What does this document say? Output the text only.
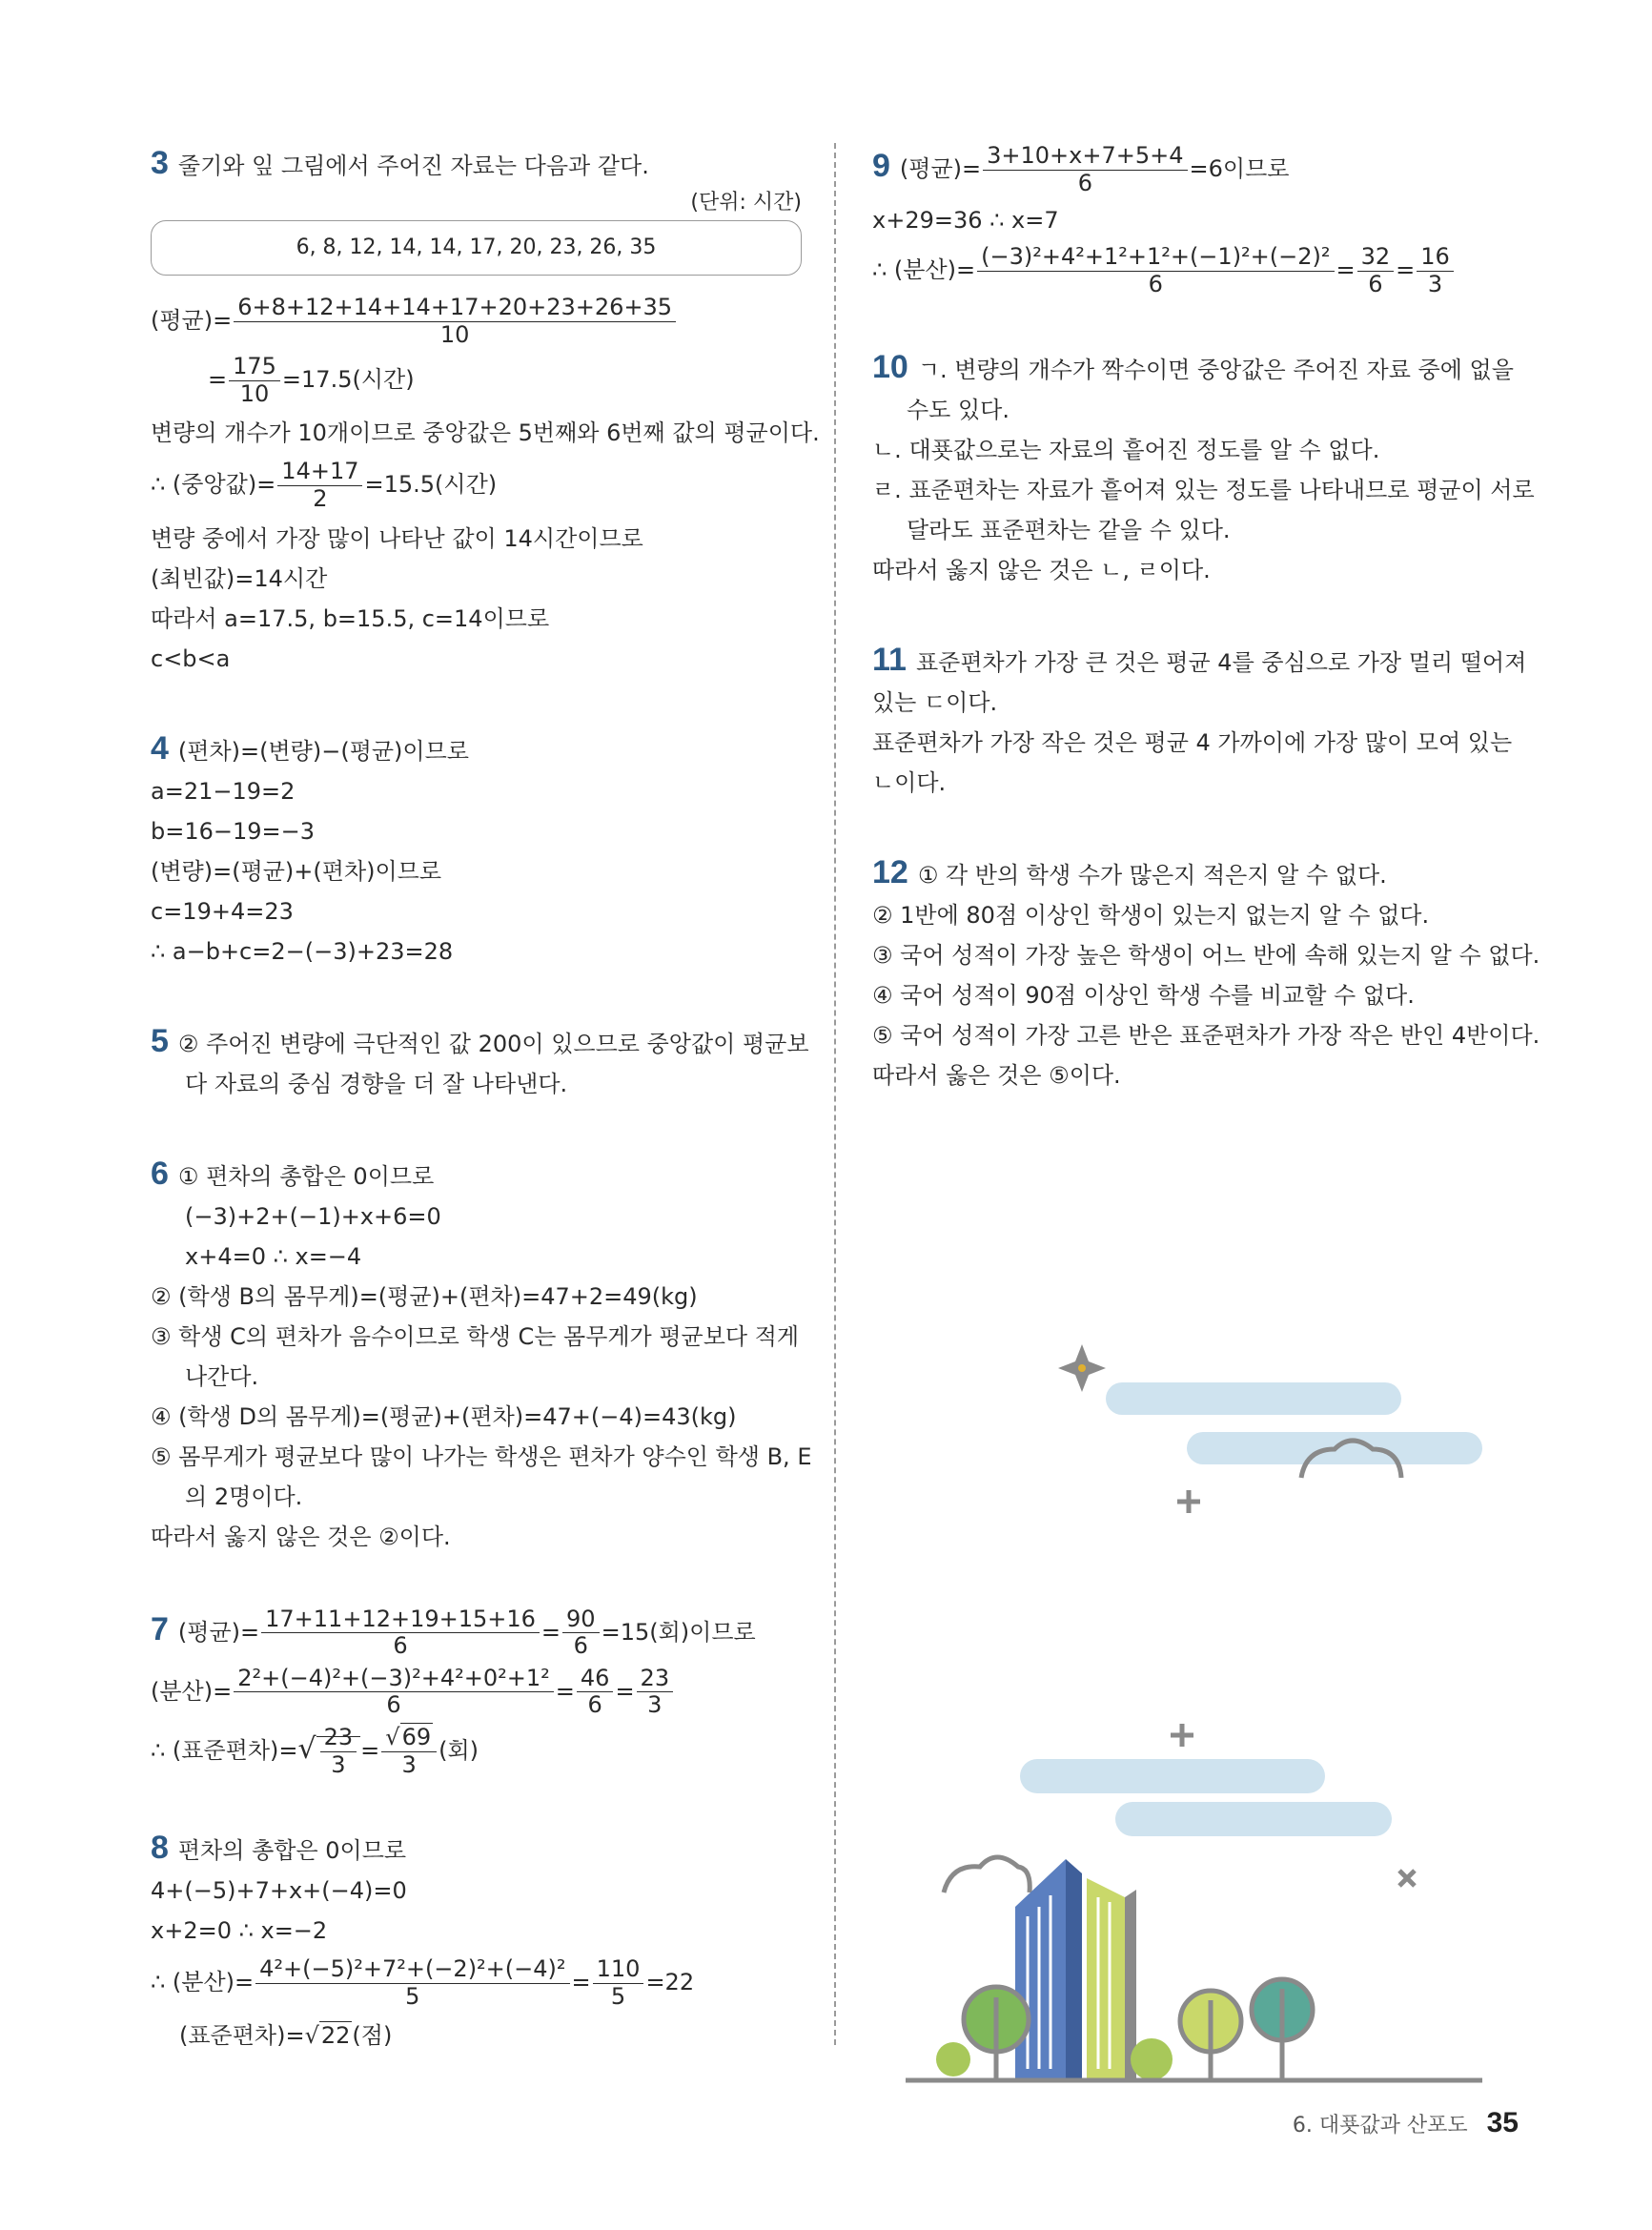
3 줄기와 잎 그림에서 주어진 자료는 다음과 같다.
(단위: 시간)
6, 8, 12, 14, 14, 17, 20, 23, 26, 35
(평균)= $\frac{6+8+12+14+14+17+20+23+26+35}{10}$
= $\frac{175}{10} =17.5$(시간)
변량의 개수가 10개이므로 중앙값은 5번째와 6번째 값의 평균이다.
∴ (중앙값)= $\frac{14+17}{2} =15.5$(시간)
변량 중에서 가장 많이 나타난 값이 14시간이므로
(최빈값)=14시간
따라서 a=17.5, b=15.5, c=14이므로
c<b<a
4 (편차)=(변량)−(평균)이므로
a=21−19=2
b=16−19=−3
(변량)=(평균)+(편차)이므로
c=19+4=23
∴ a−b+c=2−(−3)+23=28
5 ② 주어진 변량에 극단적인 값 200이 있으므로 중앙값이 평균보
다 자료의 중심 경향을 더 잘 나타낸다.
6 ① 편차의 총합은 0이므로
(−3)+2+(−1)+x+6=0
x+4=0 ∴ x=−4
② (학생 B의 몸무게)=(평균)+(편차)=47+2=49(kg)
③ 학생 C의 편차가 음수이므로 학생 C는 몸무게가 평균보다 적게
나간다.
④ (학생 D의 몸무게)=(평균)+(편차)=47+(−4)=43(kg)
⑤ 몸무게가 평균보다 많이 나가는 학생은 편차가 양수인 학생 B, E
의 2명이다.
따라서 옳지 않은 것은 ②이다.
7 (평균)= $\frac{17+11+12+19+15+16}{6} = \frac{90}{6} =15$(회)이므로
(분산)= $\frac{\text{2²+(−4)²+(−3)²+4²+0²+1²}}{6} = \frac{46}{6} = \frac{23}{3}$
∴ (표준편차)=√ $\frac{23}{3} = \frac{√69}{3}$ (회)
8 편차의 총합은 0이므로
4+(−5)+7+x+(−4)=0
x+2=0 ∴ x=−2
∴ (분산)= $\frac{\text{4²+(−5)²+7²+(−2)²+(−4)²}}{5} = \frac{110}{5} =22$
(표준편차)=√22(점)
9 (평균)= $\frac{3+10+x+7+5+4}{6} =6$이므로
x+29=36 ∴ x=7
∴ (분산)= $\frac{\text{(−3)²+4²+1²+1²+(−1)²+(−2)²}}{6} = \frac{32}{6} = \frac{16}{3}$
10 ㄱ. 변량의 개수가 짝수이면 중앙값은 주어진 자료 중에 없을
수도 있다.
ㄴ. 대푯값으로는 자료의 흩어진 정도를 알 수 없다.
ㄹ. 표준편차는 자료가 흩어져 있는 정도를 나타내므로 평균이 서로
달라도 표준편차는 같을 수 있다.
따라서 옳지 않은 것은 ㄴ, ㄹ이다.
11 표준편차가 가장 큰 것은 평균 4를 중심으로 가장 멀리 떨어져
있는 ㄷ이다.
표준편차가 가장 작은 것은 평균 4 가까이에 가장 많이 모여 있는
ㄴ이다.
12 ① 각 반의 학생 수가 많은지 적은지 알 수 없다.
② 1반에 80점 이상인 학생이 있는지 없는지 알 수 없다.
③ 국어 성적이 가장 높은 학생이 어느 반에 속해 있는지 알 수 없다.
④ 국어 성적이 90점 이상인 학생 수를 비교할 수 없다.
⑤ 국어 성적이 가장 고른 반은 표준편차가 가장 작은 반인 4반이다.
따라서 옳은 것은 ⑤이다.
6. 대푯값과 산포도 35
